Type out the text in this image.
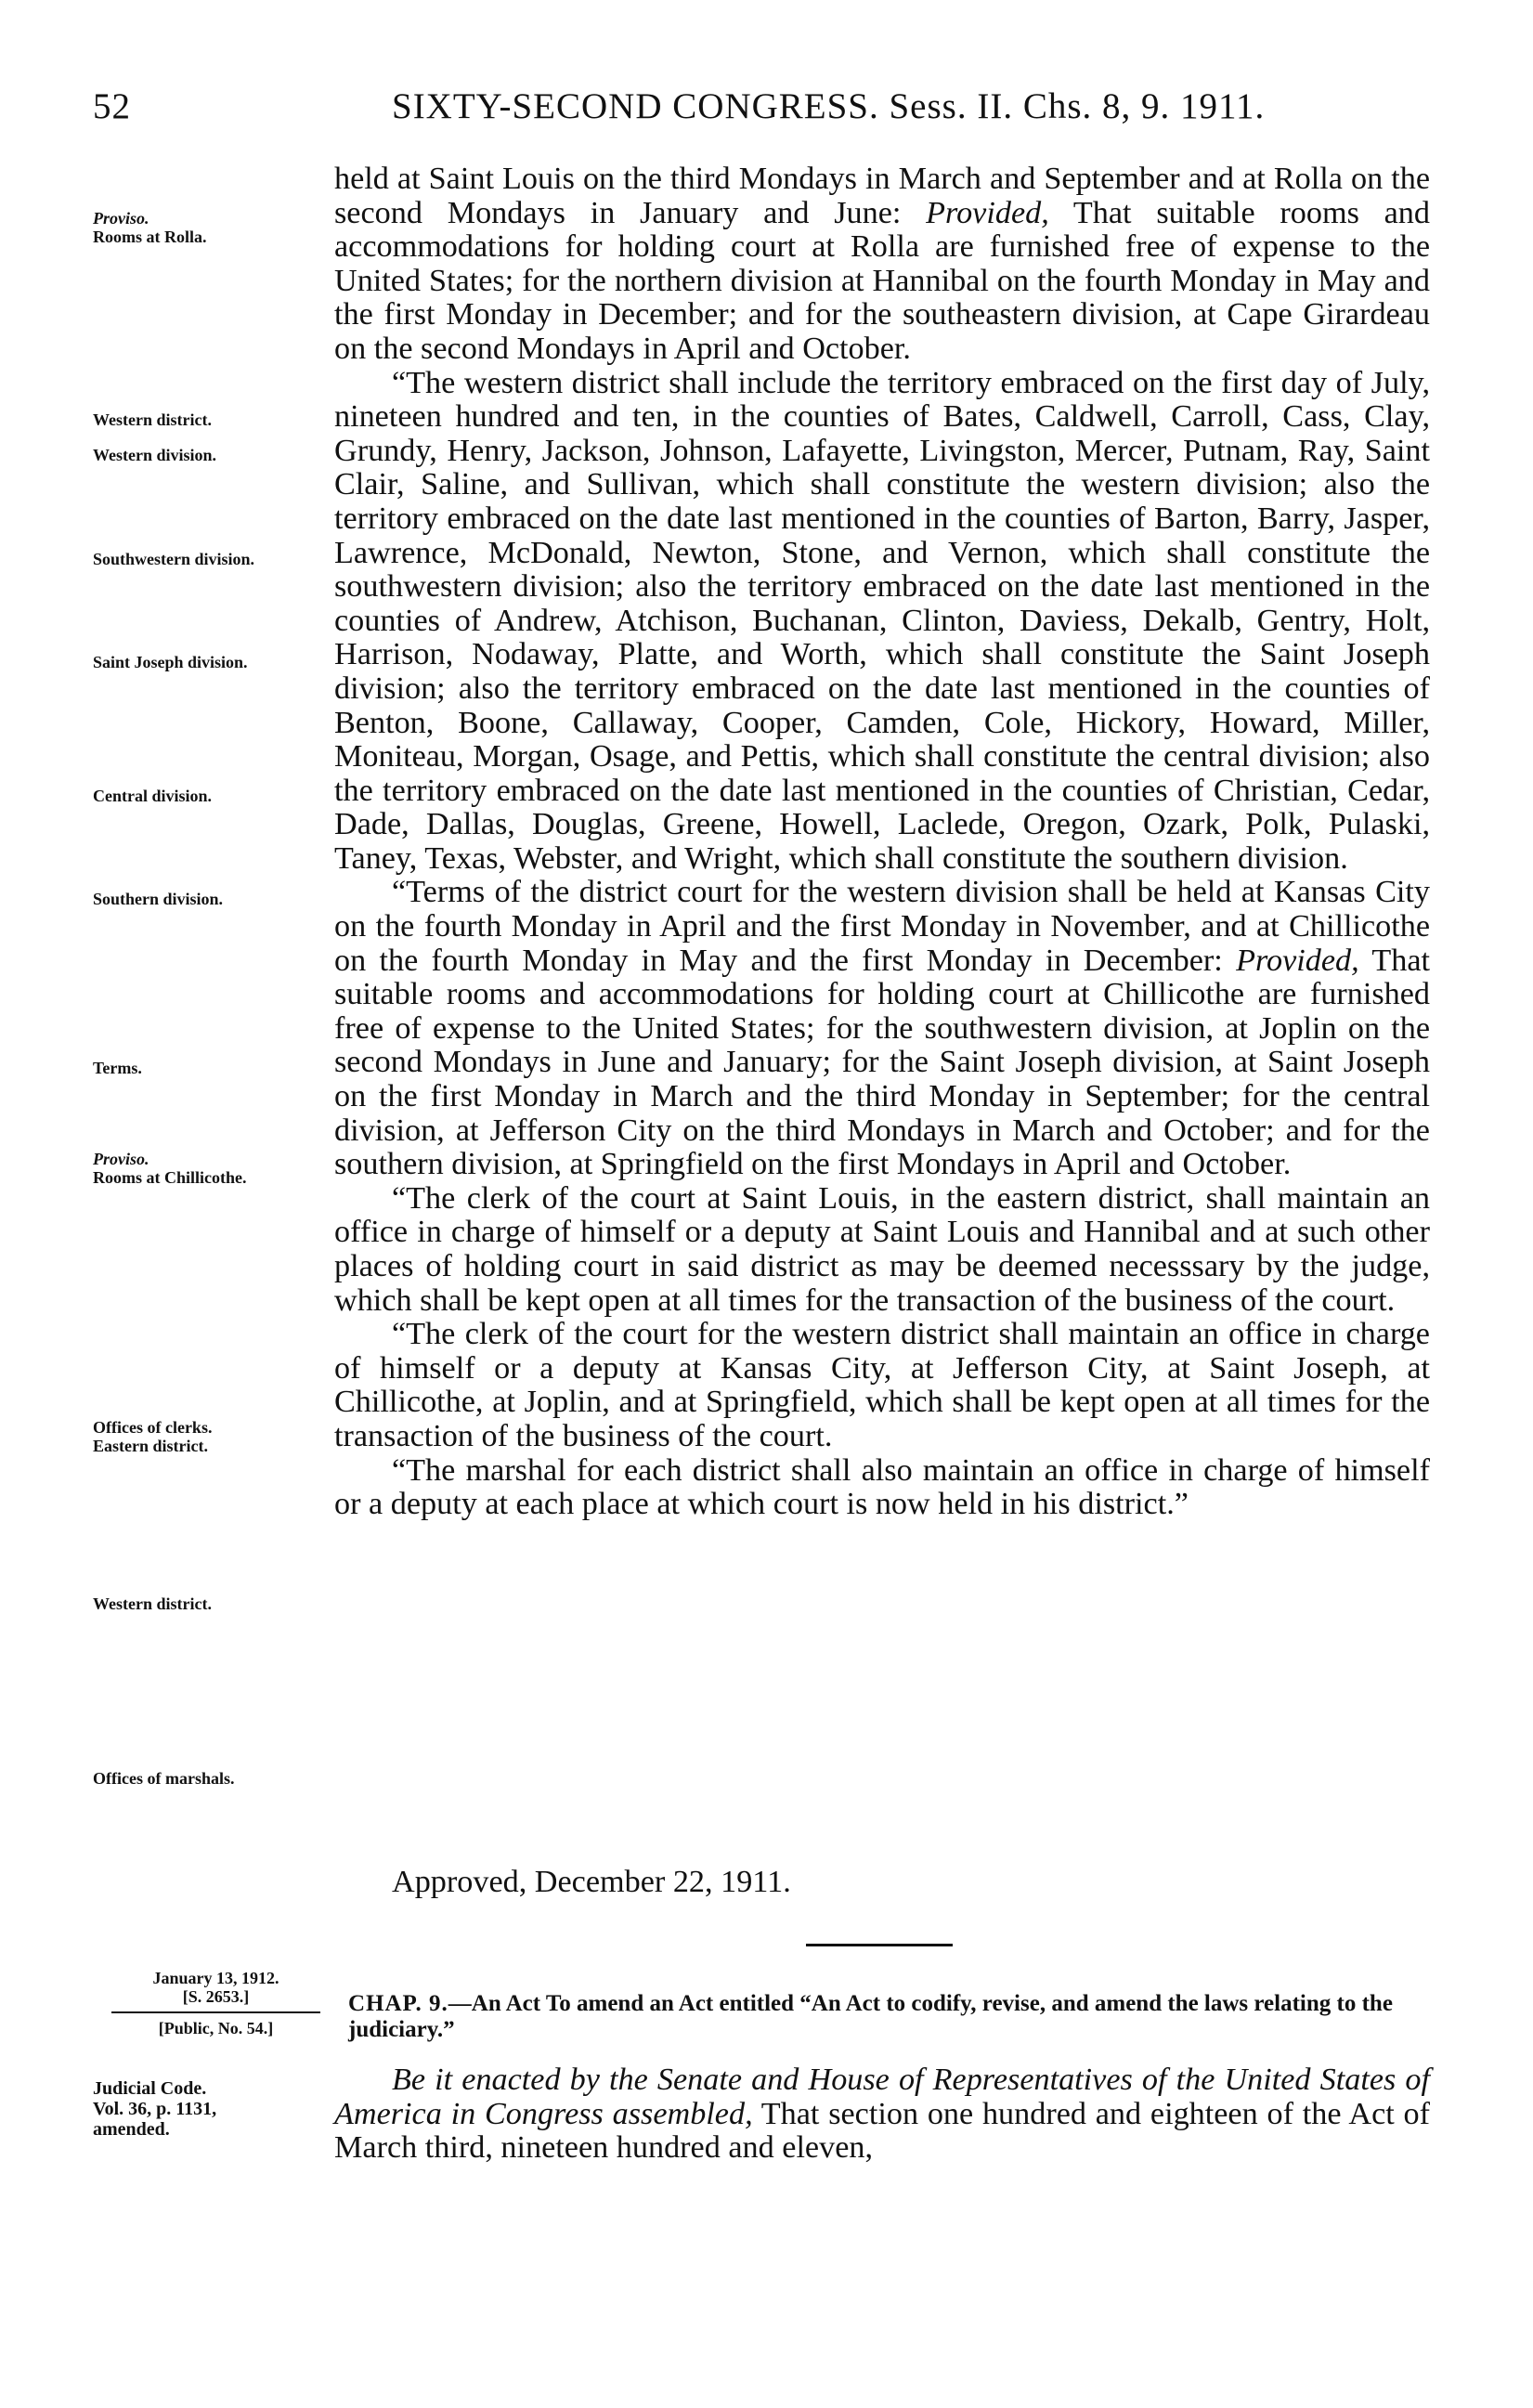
52	SIXTY-SECOND CONGRESS. Sess. II. Chs. 8, 9. 1911.
Proviso.
Rooms at Rolla.
Western district.
Western division.
Southwestern division.
Saint Joseph division.
Central division.
Southern division.
Terms.
Proviso.
Rooms at Chillicothe.
Offices of clerks.
Eastern district.
Western district.
Offices of marshals.

held at Saint Louis on the third Mondays in March and September and at Rolla on the second Mondays in January and June: Provided, That suitable rooms and accommodations for holding court at Rolla are furnished free of expense to the United States; for the northern division at Hannibal on the fourth Monday in May and the first Monday in December; and for the southeastern division, at Cape Girardeau on the second Mondays in April and October.

“The western district shall include the territory embraced on the first day of July, nineteen hundred and ten, in the counties of Bates, Caldwell, Carroll, Cass, Clay, Grundy, Henry, Jackson, Johnson, Lafayette, Livingston, Mercer, Putnam, Ray, Saint Clair, Saline, and Sullivan, which shall constitute the western division; also the territory embraced on the date last mentioned in the counties of Barton, Barry, Jasper, Lawrence, McDonald, Newton, Stone, and Vernon, which shall constitute the southwestern division; also the territory embraced on the date last mentioned in the counties of Andrew, Atchison, Buchanan, Clinton, Daviess, Dekalb, Gentry, Holt, Harrison, Nodaway, Platte, and Worth, which shall constitute the Saint Joseph division; also the territory embraced on the date last mentioned in the counties of Benton, Boone, Callaway, Cooper, Camden, Cole, Hickory, Howard, Miller, Moniteau, Morgan, Osage, and Pettis, which shall constitute the central division; also the territory embraced on the date last mentioned in the counties of Christian, Cedar, Dade, Dallas, Douglas, Greene, Howell, Laclede, Oregon, Ozark, Polk, Pulaski, Taney, Texas, Webster, and Wright, which shall constitute the southern division.

“Terms of the district court for the western division shall be held at Kansas City on the fourth Monday in April and the first Monday in November, and at Chillicothe on the fourth Monday in May and the first Monday in December: Provided, That suitable rooms and accommodations for holding court at Chillicothe are furnished free of expense to the United States; for the southwestern division, at Joplin on the second Mondays in June and January; for the Saint Joseph division, at Saint Joseph on the first Monday in March and the third Monday in September; for the central division, at Jefferson City on the third Mondays in March and October; and for the southern division, at Springfield on the first Mondays in April and October.

“The clerk of the court at Saint Louis, in the eastern district, shall maintain an office in charge of himself or a deputy at Saint Louis and Hannibal and at such other places of holding court in said district as may be deemed necesssary by the judge, which shall be kept open at all times for the transaction of the business of the court.

“The clerk of the court for the western district shall maintain an office in charge of himself or a deputy at Kansas City, at Jefferson City, at Saint Joseph, at Chillicothe, at Joplin, and at Springfield, which shall be kept open at all times for the transaction of the business of the court.

“The marshal for each district shall also maintain an office in charge of himself or a deputy at each place at which court is now held in his district.”

Approved, December 22, 1911.
January 13, 1912.
[S. 2653.]
[Public, No. 54.]
CHAP. 9.—An Act To amend an Act entitled “An Act to codify, revise, and amend the laws relating to the judiciary.”
Judicial Code.
Vol. 36, p. 1131,
amended.
Be it enacted by the Senate and House of Representatives of the United States of America in Congress assembled, That section one hundred and eighteen of the Act of March third, nineteen hundred and eleven,
